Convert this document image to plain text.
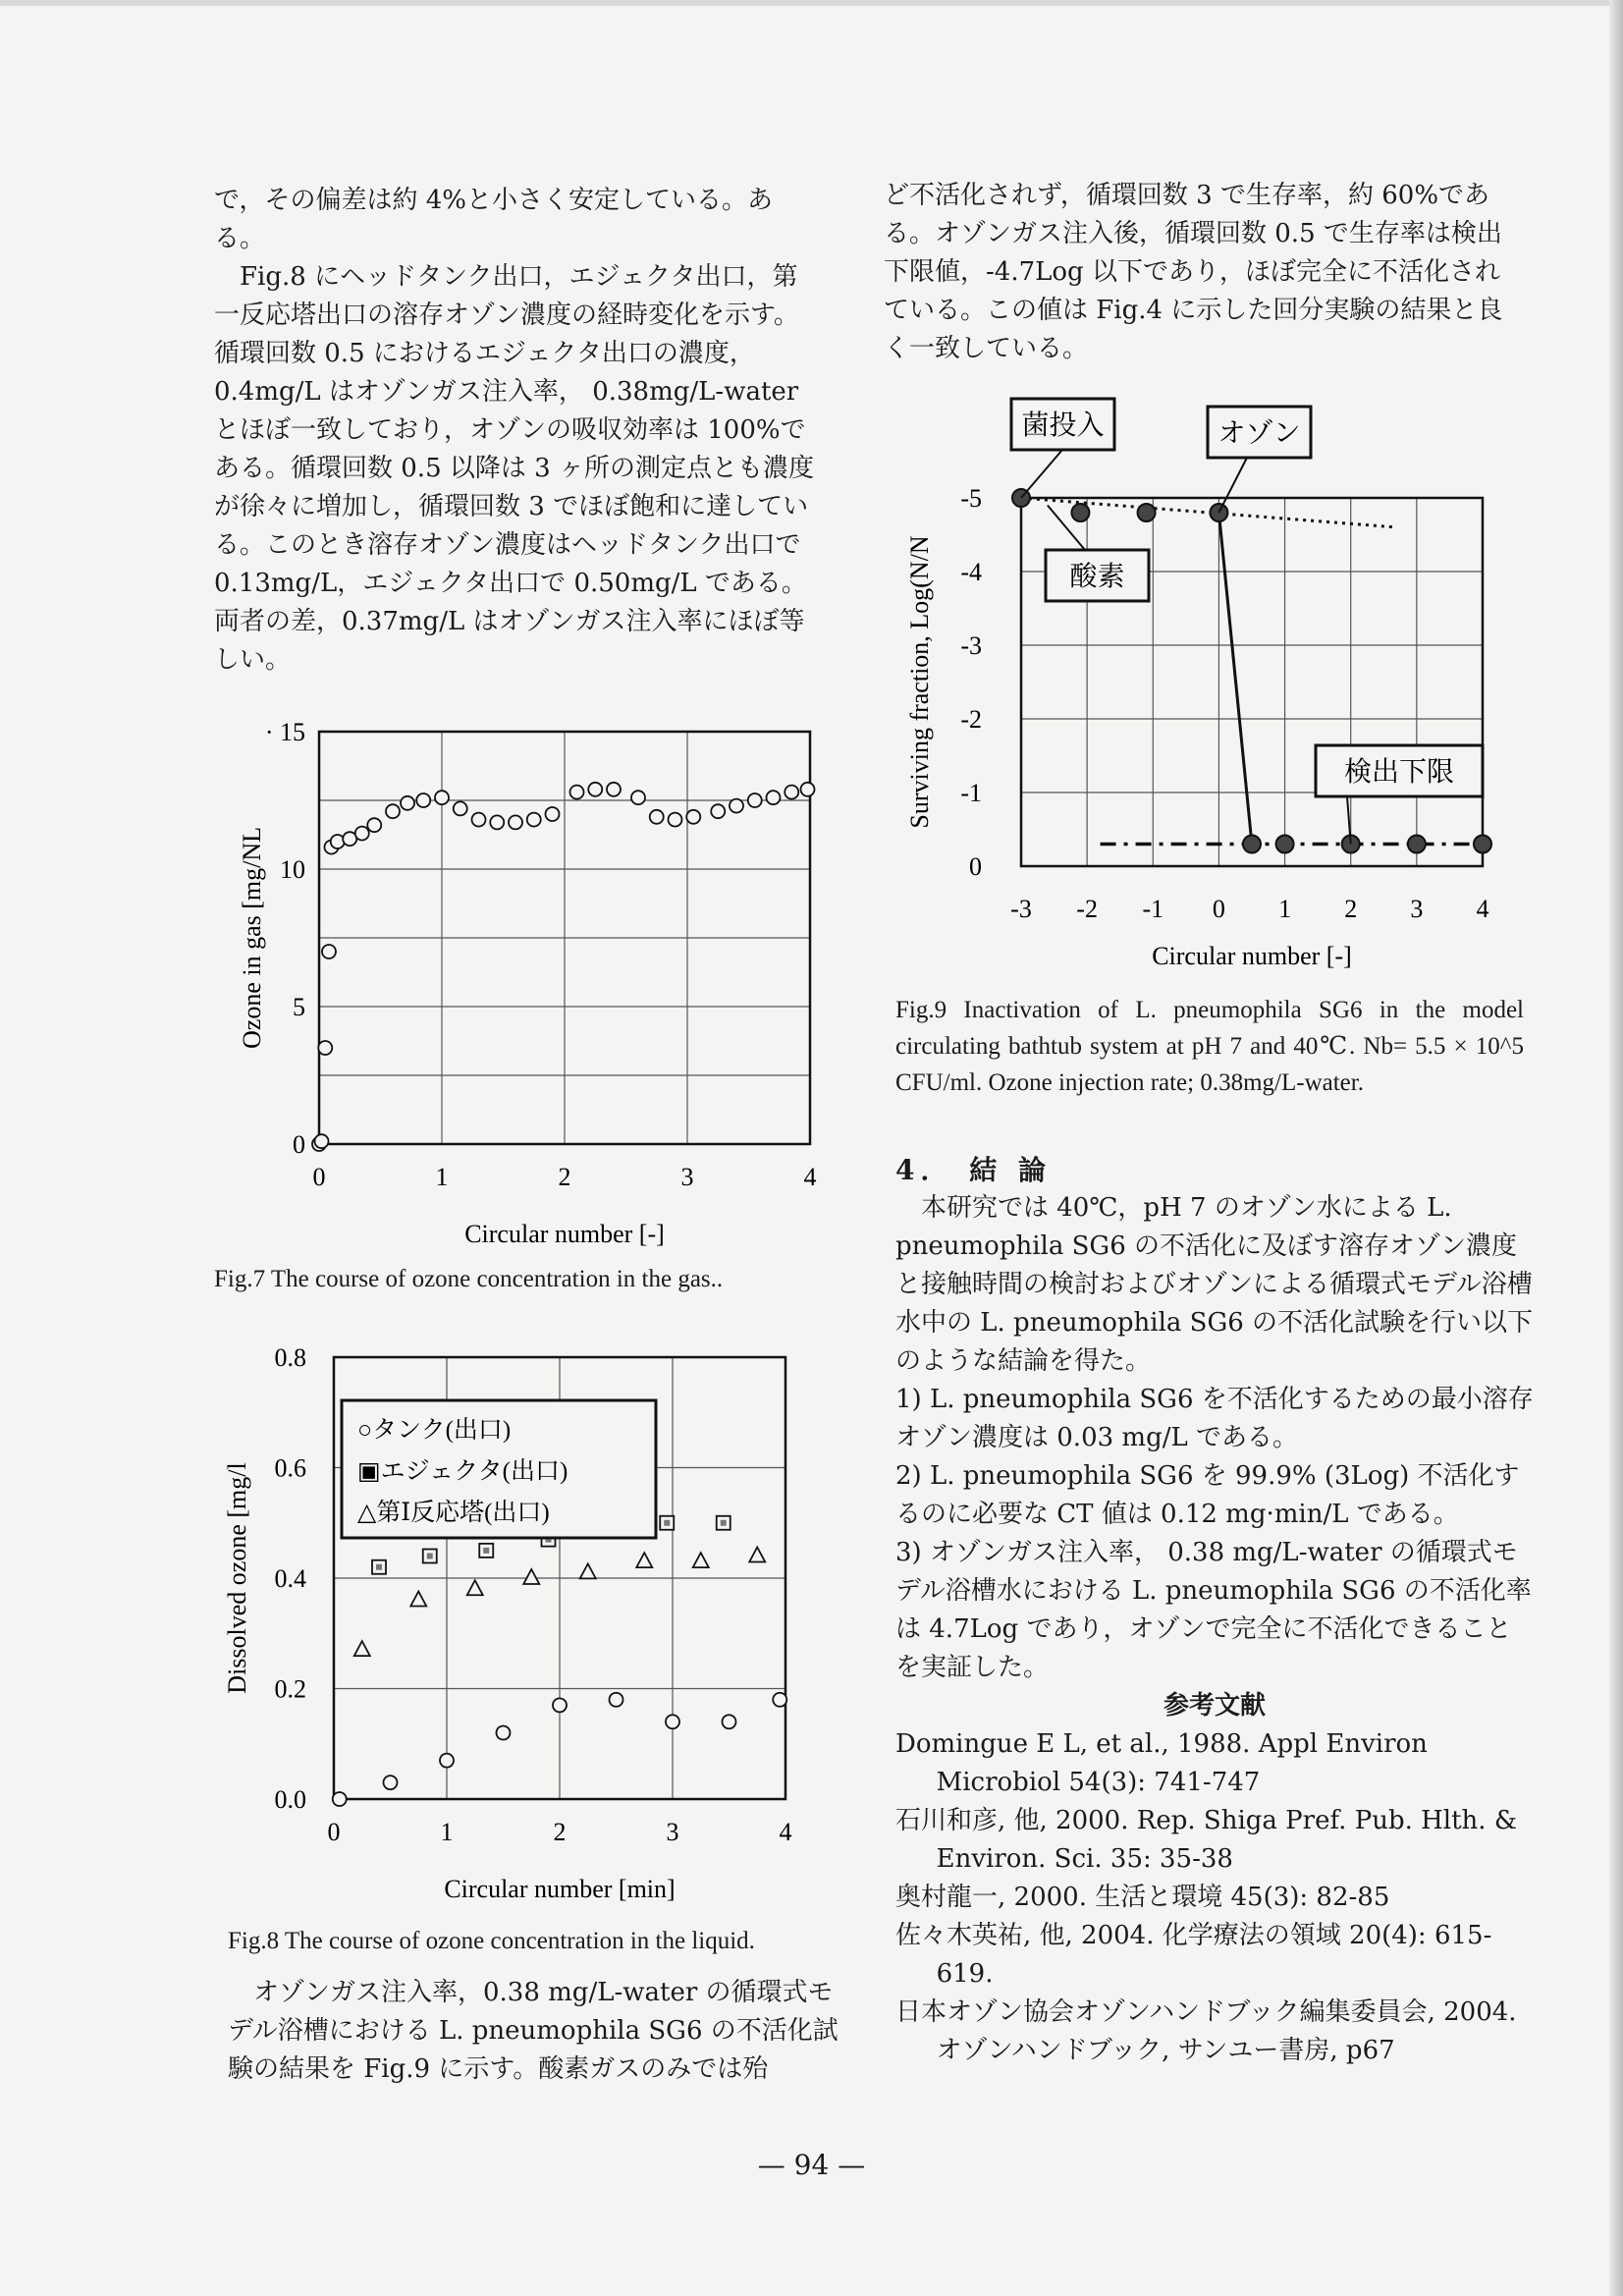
で，その偏差は約 4%と小さく安定している。ある。

Fig.8 にヘッドタンク出口，エジェクタ出口，第一反応塔出口の溶存オゾン濃度の経時変化を示す。循環回数 0.5 におけるエジェクタ出口の濃度，0.4mg/L はオゾンガス注入率， 0.38mg/L-water とほぼ一致しており，オゾンの吸収効率は 100%である。循環回数 0.5 以降は 3 ヶ所の測定点とも濃度が徐々に増加し，循環回数 3 でほぼ飽和に達している。このとき溶存オゾン濃度はヘッドタンク出口で 0.13mg/L，エジェクタ出口で 0.50mg/L である。両者の差，0.37mg/L はオゾンガス注入率にほぼ等しい。

0	1	2	3	4
0
5
10
· 15
Circular number [-]
Ozone in gas [mg/NL
Fig.7 The course of ozone concentration in the gas..
0	1	2	3	4
0.0
0.2
0.4
0.6
0.8
Circular number [min]
Dissolved ozone [mg/l
○タンク(出口)
▣エジェクタ(出口)
△第Ⅰ反応塔(出口)
Fig.8 The course of ozone concentration in the liquid.

オゾンガス注入率，0.38 mg/L-water の循環式モデル浴槽における L. pneumophila SG6 の不活化試験の結果を Fig.9 に示す。酸素ガスのみでは殆

ど不活化されず，循環回数 3 で生存率，約 60%である。オゾンガス注入後，循環回数 0.5 で生存率は検出下限値，-4.7Log 以下であり，ほぼ完全に不活化されている。この値は Fig.4 に示した回分実験の結果と良く一致している。

-3 -2 -1 0 1 2 3 4
0
-1
-2
-3
-4
-5
Circular number [-]
Surviving fraction, Log(N/N
菌投入	オゾン
酸素
検出下限
Fig.9 Inactivation of L. pneumophila SG6 in the model circulating bathtub system at pH 7 and 40℃. Nb= 5.5 × 10^5 CFU/ml. Ozone injection rate; 0.38mg/L-water.

4． 結 論

本研究では 40℃，pH 7 のオゾン水による L. pneumophila SG6 の不活化に及ぼす溶存オゾン濃度と接触時間の検討およびオゾンによる循環式モデル浴槽水中の L. pneumophila SG6 の不活化試験を行い以下のような結論を得た。

1) L. pneumophila SG6 を不活化するための最小溶存オゾン濃度は 0.03 mg/L である。

2) L. pneumophila SG6 を 99.9% (3Log) 不活化するのに必要な CT 値は 0.12 mg·min/L である。

3) オゾンガス注入率， 0.38 mg/L-water の循環式モデル浴槽水における L. pneumophila SG6 の不活化率は 4.7Log であり，オゾンで完全に不活化できることを実証した。

参考文献

Domingue E L, et al., 1988. Appl Environ Microbiol 54(3): 741-747

石川和彦, 他, 2000. Rep. Shiga Pref. Pub. Hlth. & Environ. Sci. 35: 35-38

奥村龍一, 2000. 生活と環境 45(3): 82-85

佐々木英祐, 他, 2004. 化学療法の領域 20(4): 615-619.

日本オゾン協会オゾンハンドブック編集委員会, 2004. オゾンハンドブック, サンユー書房, p67

— 94 —
